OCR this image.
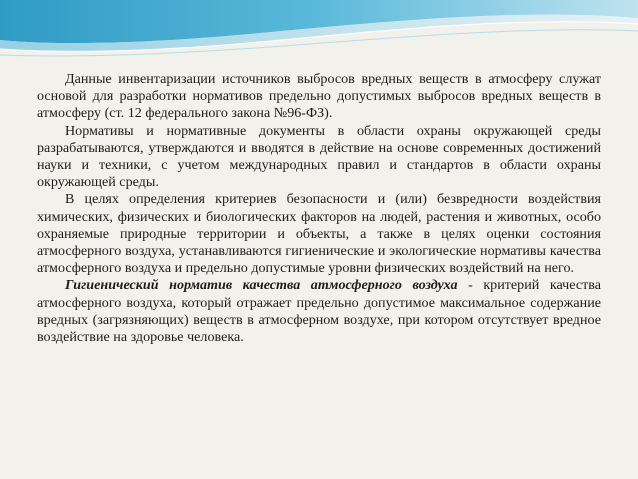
Данные инвентаризации источников выбросов вредных веществ в атмосферу служат основой для разработки нормативов предельно допустимых выбросов вредных веществ в атмосферу (ст. 12 федерального закона №96-ФЗ).

Нормативы и нормативные документы в области охраны окружающей среды разрабатываются, утверждаются и вводятся в действие на основе современных достижений науки и техники, с учетом международных правил и стандартов в области охраны окружающей среды.

В целях определения критериев безопасности и (или) безвредности воздействия химических, физических и биологических факторов на людей, растения и животных, особо охраняемые природные территории и объекты, а также в целях оценки состояния атмосферного воздуха, устанавливаются гигиенические и экологические нормативы качества атмосферного воздуха и предельно допустимые уровни физических воздействий на него.

Гигиенический норматив качества атмосферного воздуха - критерий качества атмосферного воздуха, который отражает предельно допустимое максимальное содержание вредных (загрязняющих) веществ в атмосферном воздухе, при котором отсутствует вредное воздействие на здоровье человека.
